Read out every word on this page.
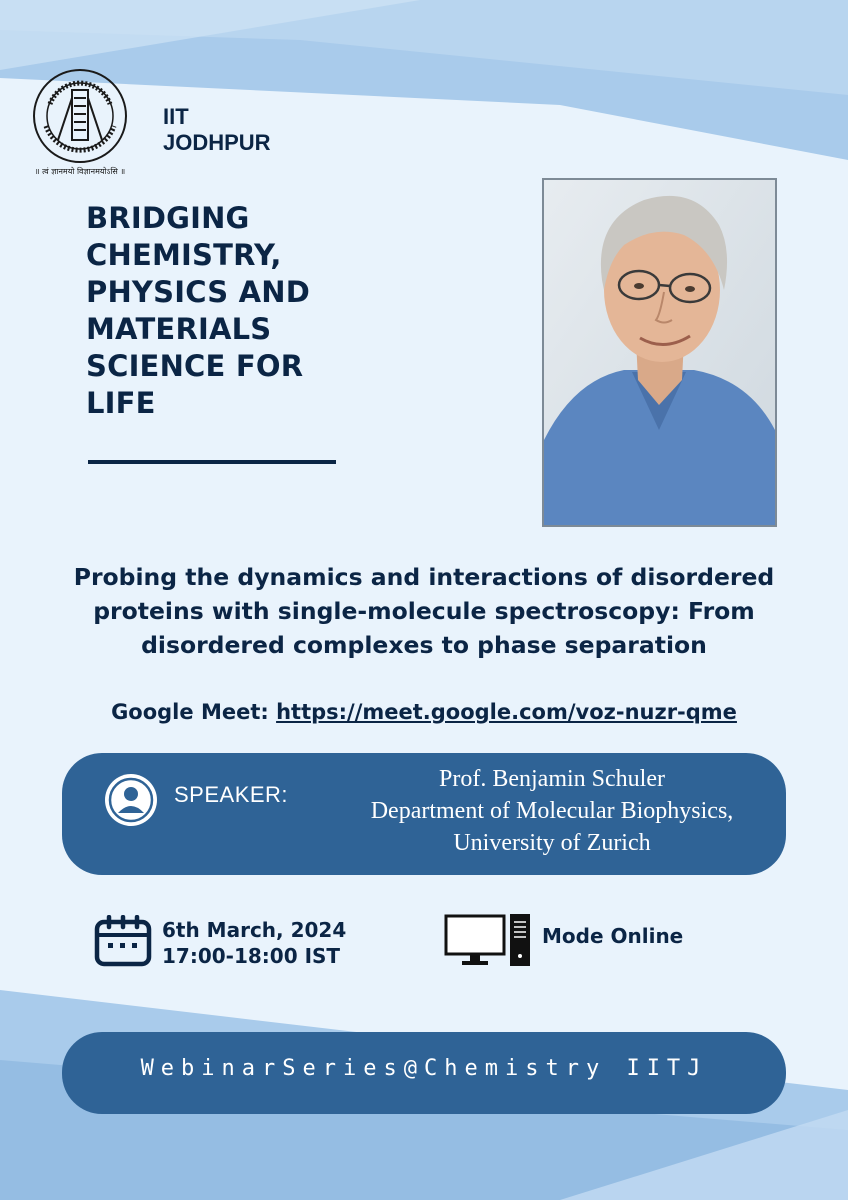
॥ त्वं ज्ञानमयो विज्ञानमयोऽसि ॥
IIT
JODHPUR
BRIDGING
CHEMISTRY,
PHYSICS AND
MATERIALS
SCIENCE FOR
LIFE
Probing the dynamics and interactions of disordered
proteins with single-molecule spectroscopy: From
disordered complexes to phase separation
Google Meet: https://meet.google.com/voz-nuzr-qme
SPEAKER:
Prof. Benjamin Schuler
Department of Molecular Biophysics,
University of Zurich
6th March, 2024
17:00-18:00 IST
Mode Online
WebinarSeries@Chemistry IITJ
